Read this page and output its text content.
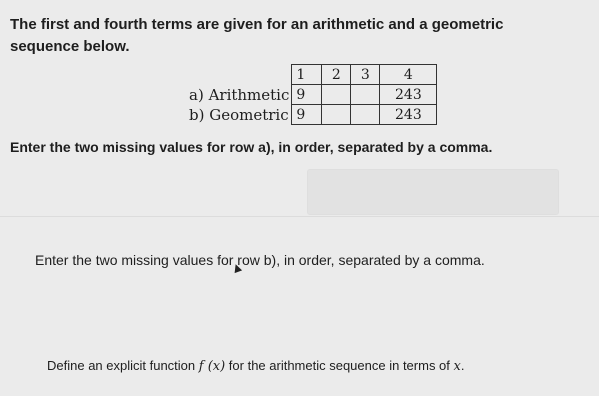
The first and fourth terms are given for an arithmetic and a geometric sequence below.
	1	2	3	4
a) Arithmetic	9			243
b) Geometric	9			243
Enter the two missing values for row a), in order, separated by a comma.
Enter the two missing values for row b), in order, separated by a comma.
Define an explicit function f (x) for the arithmetic sequence in terms of x.
